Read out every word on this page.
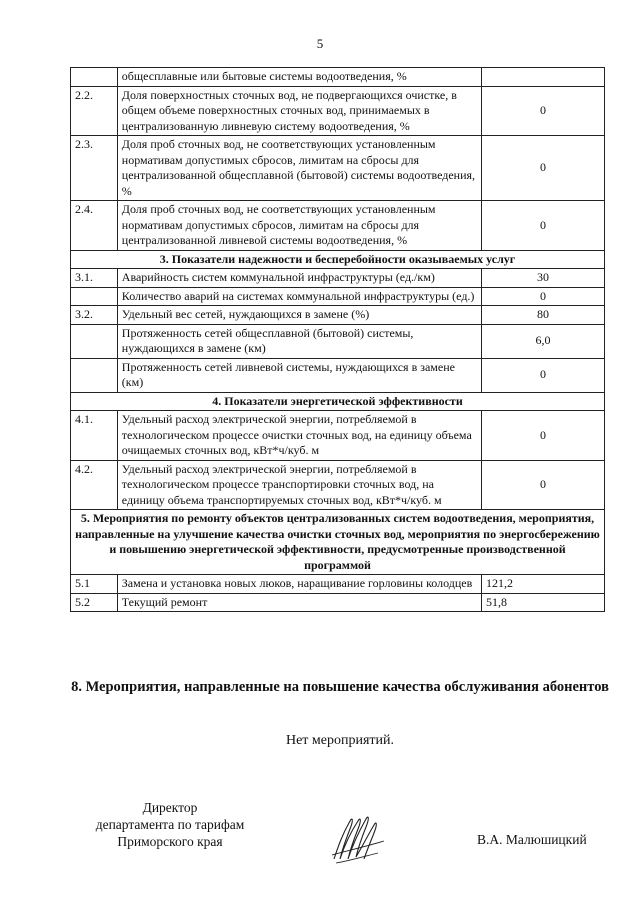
5
	общесплавные или бытовые системы водоотведения, %	
2.2.	Доля поверхностных сточных вод, не подвергающихся очистке, в общем объеме поверхностных сточных вод, принимаемых в централизованную ливневую систему водоотведения, %	0
2.3.	Доля проб сточных вод, не соответствующих установленным нормативам допустимых сбросов, лимитам на сбросы для централизованной общесплавной (бытовой) системы водоотведения, %	0
2.4.	Доля проб сточных вод, не соответствующих установленным нормативам допустимых сбросов, лимитам на сбросы для централизованной ливневой системы водоотведения, %	0
3. Показатели надежности и бесперебойности оказываемых услуг		
3.1.	Аварийность систем коммунальной инфраструктуры (ед./км)	30
	Количество аварий на системах коммунальной инфраструктуры (ед.)	0
3.2.	Удельный вес сетей, нуждающихся в замене (%)	80
	Протяженность сетей общесплавной (бытовой) системы, нуждающихся в замене (км)	6,0
	Протяженность сетей ливневой системы, нуждающихся в замене (км)	0
4. Показатели энергетической эффективности		
4.1.	Удельный расход электрической энергии, потребляемой в технологическом процессе очистки сточных вод, на единицу объема очищаемых сточных вод, кВт*ч/куб. м	0
4.2.	Удельный расход электрической энергии, потребляемой в технологическом процессе транспортировки сточных вод, на единицу объема транспортируемых сточных вод, кВт*ч/куб. м	0
5. Мероприятия по ремонту объектов централизованных систем водоотведения, мероприятия, направленные на улучшение качества очистки сточных вод, мероприятия по энергосбережению и повышению энергетической эффективности, предусмотренные производственной программой		
5.1	Замена и установка новых люков, наращивание горловины колодцев	121,2
5.2	Текущий ремонт	51,8
8. Мероприятия, направленные на повышение качества обслуживания абонентов
Нет мероприятий.
Директор
департамента по тарифам
Приморского края	В.А. Малюшицкий
